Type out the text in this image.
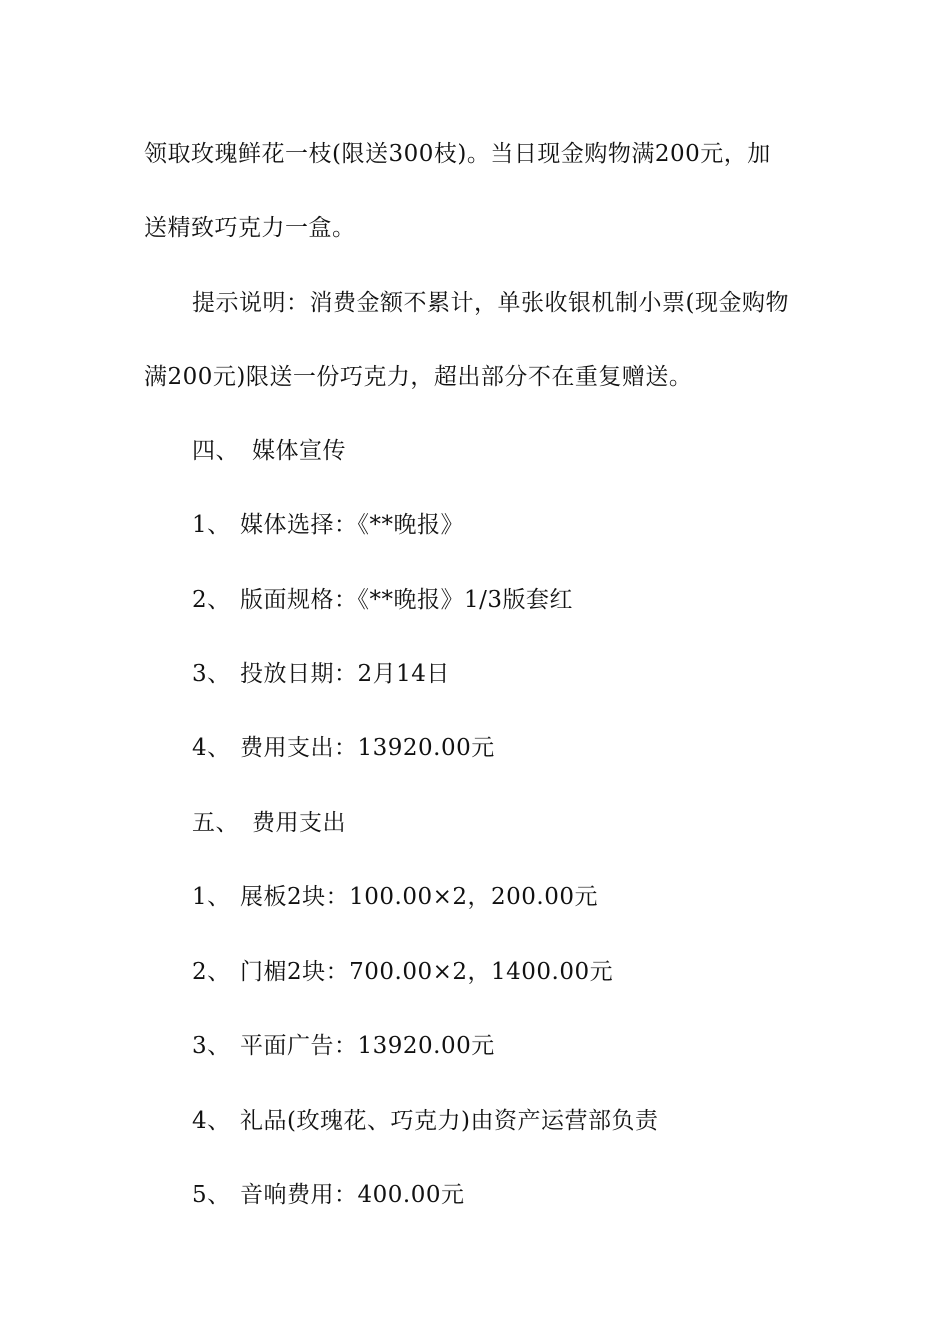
领取玫瑰鲜花一枝(限送300枝)。当日现金购物满200元，加
送精致巧克力一盒。
提示说明：消费金额不累计，单张收银机制小票(现金购物
满200元)限送一份巧克力，超出部分不在重复赠送。
四、 媒体宣传
1、 媒体选择：《**晚报》
2、 版面规格：《**晚报》1/3版套红
3、 投放日期：2月14日
4、 费用支出：13920.00元
五、 费用支出
1、 展板2块：100.00×2，200.00元
2、 门楣2块：700.00×2，1400.00元
3、 平面广告：13920.00元
4、 礼品(玫瑰花、巧克力)由资产运营部负责
5、 音响费用：400.00元
